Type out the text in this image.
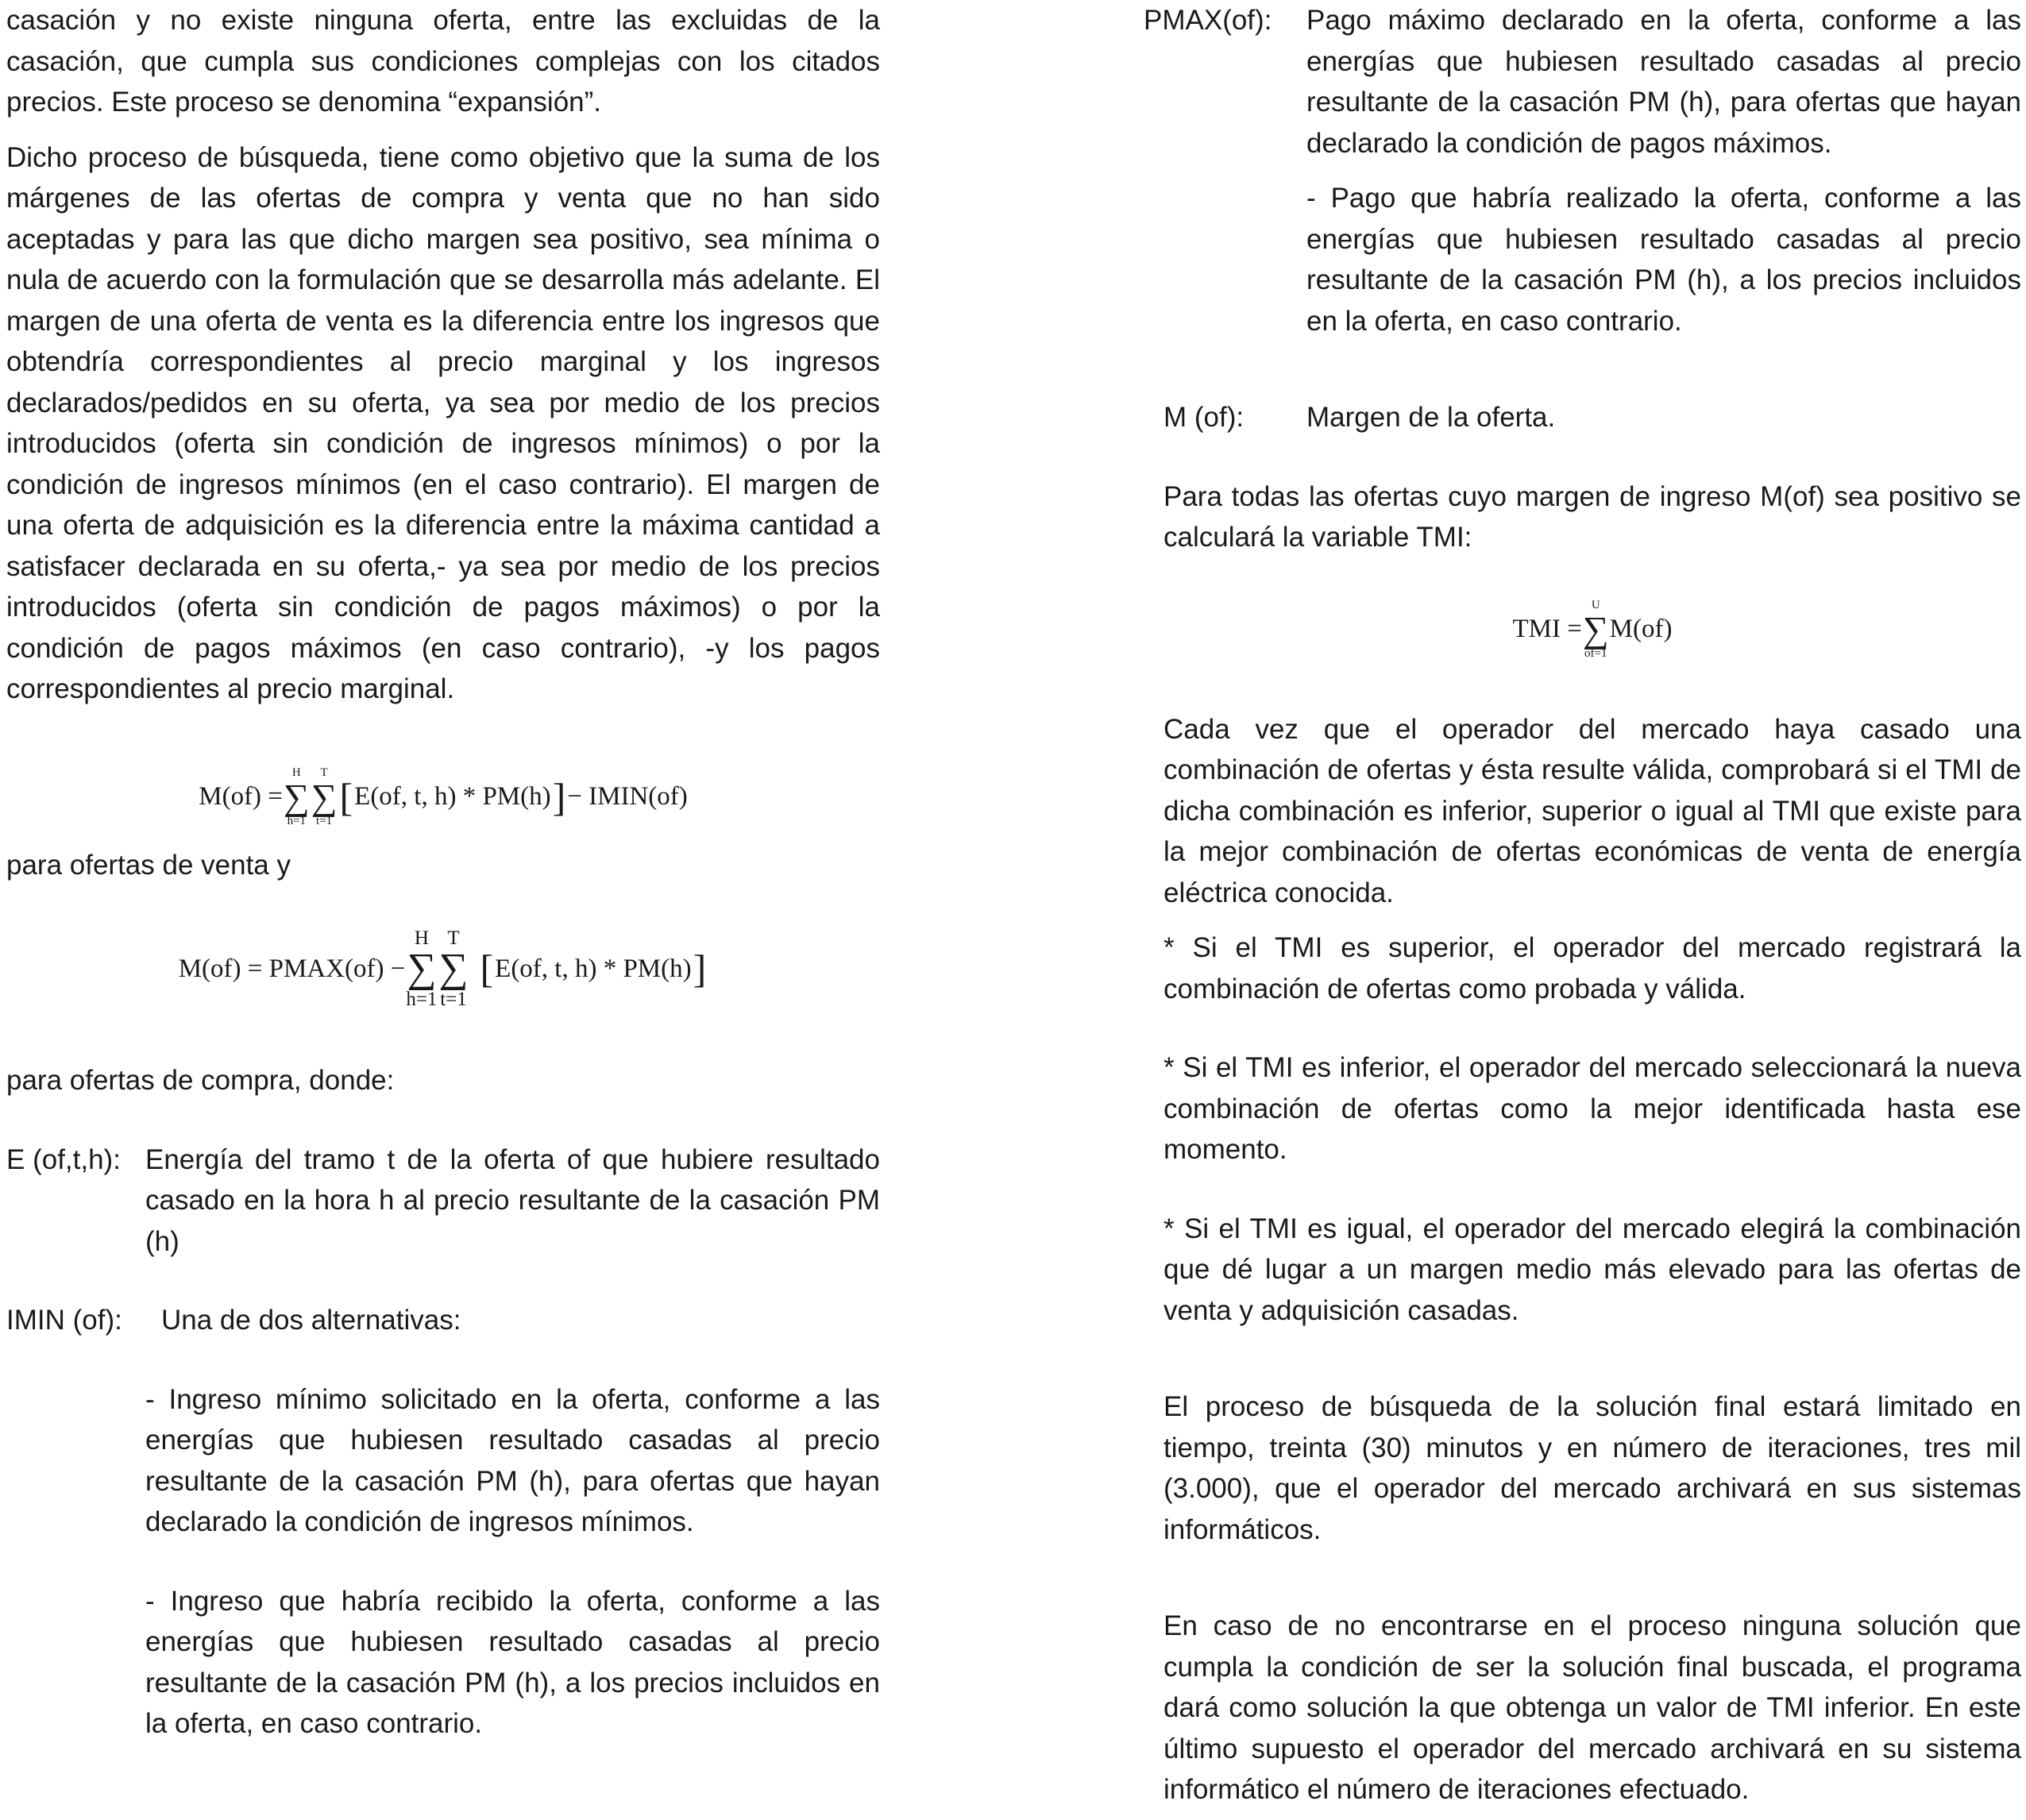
casación y no existe ninguna oferta, entre las excluidas de la casación, que cumpla sus condiciones complejas con los citados precios. Este proceso se denomina “expansión”.

Dicho proceso de búsqueda, tiene como objetivo que la suma de los márgenes de las ofertas de compra y venta que no han sido aceptadas y para las que dicho margen sea positivo, sea mínima o nula de acuerdo con la formulación que se desarrolla más adelante. El margen de una oferta de venta es la diferencia entre los ingresos que obtendría correspondientes al precio marginal y los ingresos declarados/pedidos en su oferta, ya sea por medio de los precios introducidos (oferta sin condición de ingresos mínimos) o por la condición de ingresos mínimos (en el caso contrario). El margen de una oferta de adquisición es la diferencia entre la máxima cantidad a satisfacer declarada en su oferta,- ya sea por medio de los precios introducidos (oferta sin condición de pagos máximos) o por la condición de pagos máximos (en caso contrario), -y los pagos correspondientes al precio marginal.

M(of) =
H
∑
h=1
T
∑
t=1
[ E(of, t, h) * PM(h) ] − IMIN(of)

para ofertas de venta y

M(of) = PMAX(of) −
H
∑
h=1
T
∑
t=1
[ E(of, t, h) * PM(h) ]

para ofertas de compra, donde:

E (of,t,h): Energía del tramo t de la oferta of que hubiere resultado casado en la hora h al precio resultante de la casación PM (h)
IMIN (of):	Una de dos alternativas:

- Ingreso mínimo solicitado en la oferta, conforme a las energías que hubiesen resultado casadas al precio resultante de la casación PM (h), para ofertas que hayan declarado la condición de ingresos mínimos.

- Ingreso que habría recibido la oferta, conforme a las energías que hubiesen resultado casadas al precio resultante de la casación PM (h), a los precios incluidos en la oferta, en caso contrario.

PMAX(of):	Pago máximo declarado en la oferta, conforme a las energías que hubiesen resultado casadas al precio resultante de la casación PM (h), para ofertas que hayan declarado la condición de pagos máximos.

- Pago que habría realizado la oferta, conforme a las energías que hubiesen resultado casadas al precio resultante de la casación PM (h), a los precios incluidos en la oferta, en caso contrario.

M (of):	Margen de la oferta.

Para todas las ofertas cuyo margen de ingreso M(of) sea positivo se calculará la variable TMI:

TMI =
U
∑
of=1
M(of)

Cada vez que el operador del mercado haya casado una combinación de ofertas y ésta resulte válida, comprobará si el TMI de dicha combinación es inferior, superior o igual al TMI que existe para la mejor combinación de ofertas económicas de venta de energía eléctrica conocida.

* Si el TMI es superior, el operador del mercado registrará la combinación de ofertas como probada y válida.

* Si el TMI es inferior, el operador del mercado seleccionará la nueva combinación de ofertas como la mejor identificada hasta ese momento.

* Si el TMI es igual, el operador del mercado elegirá la combinación que dé lugar a un margen medio más elevado para las ofertas de venta y adquisición casadas.

El proceso de búsqueda de la solución final estará limitado en tiempo, treinta (30) minutos y en número de iteraciones, tres mil (3.000), que el operador del mercado archivará en sus sistemas informáticos.

En caso de no encontrarse en el proceso ninguna solución que cumpla la condición de ser la solución final buscada, el programa dará como solución la que obtenga un valor de TMI inferior. En este último supuesto el operador del mercado archivará en su sistema informático el número de iteraciones efectuado.
